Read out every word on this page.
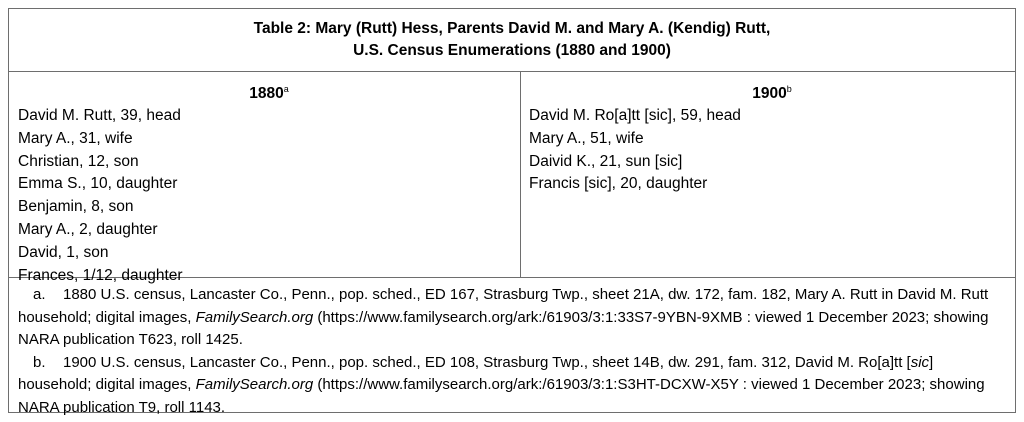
Table 2: Mary (Rutt) Hess, Parents David M. and Mary A. (Kendig) Rutt,
U.S. Census Enumerations (1880 and 1900)
1880$^a$
David M. Rutt, 39, head
Mary A., 31, wife
Christian, 12, son
Emma S., 10, daughter
Benjamin, 8, son
Mary A., 2, daughter
David, 1, son
Frances, 1/12, daughter
1900$^b$
David M. Ro[a]tt [sic], 59, head
Mary A., 51, wife
Daivid K., 21, sun [sic]
Francis [sic], 20, daughter

a. 1880 U.S. census, Lancaster Co., Penn., pop. sched., ED 167, Strasburg Twp., sheet 21A, dw. 172, fam. 182, Mary A. Rutt in David M. Rutt household; digital images, FamilySearch.org (https://www.familysearch.org/ark:/61903/3:1:33S7-9YBN-9XMB : viewed 1 December 2023; showing NARA publication T623, roll 1425.

b. 1900 U.S. census, Lancaster Co., Penn., pop. sched., ED 108, Strasburg Twp., sheet 14B, dw. 291, fam. 312, David M. Ro[a]tt [sic] household; digital images, FamilySearch.org (https://www.familysearch.org/ark:/61903/3:1:S3HT-DCXW-X5Y : viewed 1 December 2023; showing NARA publication T9, roll 1143.
